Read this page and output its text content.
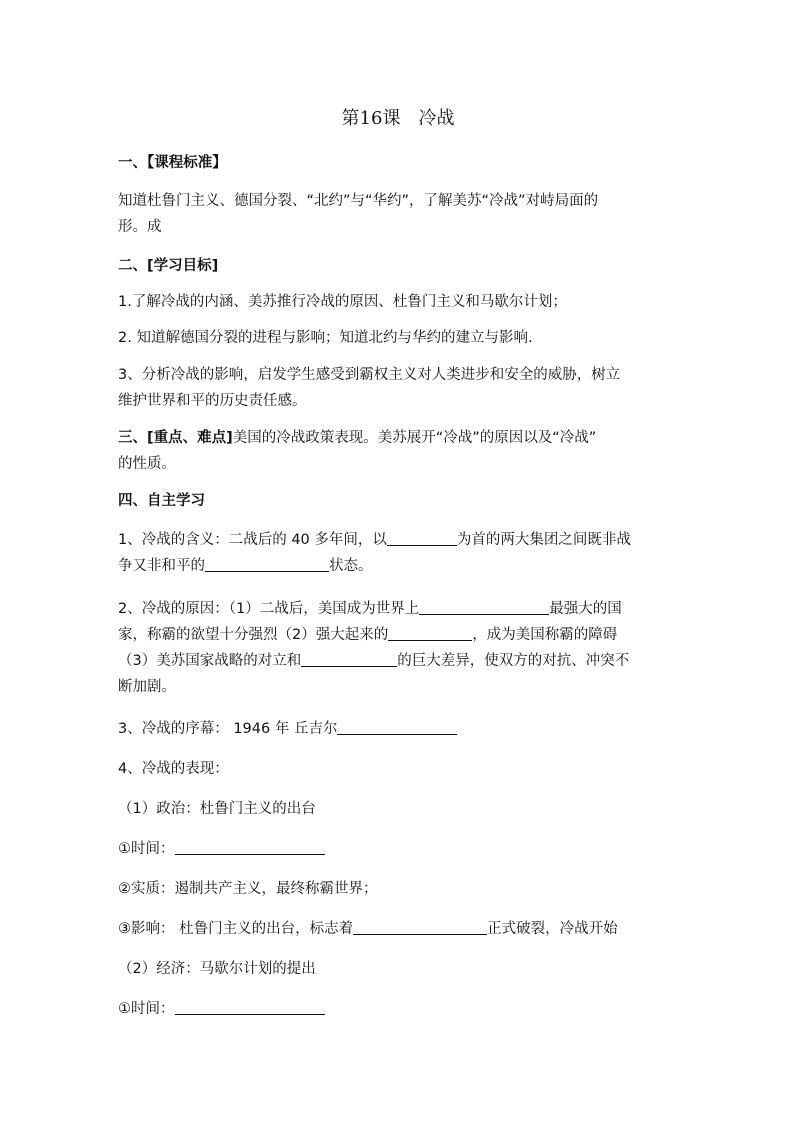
第16课　冷战
一、【课程标准】
知道杜鲁门主义、德国分裂、“北约”与“华约”，了解美苏“冷战”对峙局面的
形。成
二、[学习目标]
1.了解冷战的内涵、美苏推行冷战的原因、杜鲁门主义和马歇尔计划；
2. 知道解德国分裂的进程与影响；知道北约与华约的建立与影响.
3、分析冷战的影响，启发学生感受到霸权主义对人类进步和安全的威胁，树立
维护世界和平的历史责任感。
三、[重点、难点]美国的冷战政策表现。美苏展开“冷战”的原因以及“冷战”
的性质。
四、自主学习
1、冷战的含义：二战后的 40 多年间，以	为首的两大集团之间既非战
争又非和平的	状态。
2、冷战的原因：（1）二战后，美国成为世界上	最强大的国
家，称霸的欲望十分强烈（2）强大起来的	，成为美国称霸的障碍
（3）美苏国家战略的对立和	的巨大差异，使双方的对抗、冲突不
断加剧。
3、冷战的序幕： 1946 年 丘吉尔
4、冷战的表现：
（1）政治：杜鲁门主义的出台
①时间：
②实质：遏制共产主义，最终称霸世界；
③影响： 杜鲁门主义的出台，标志着	正式破裂，冷战开始
（2）经济：马歇尔计划的提出
①时间：
